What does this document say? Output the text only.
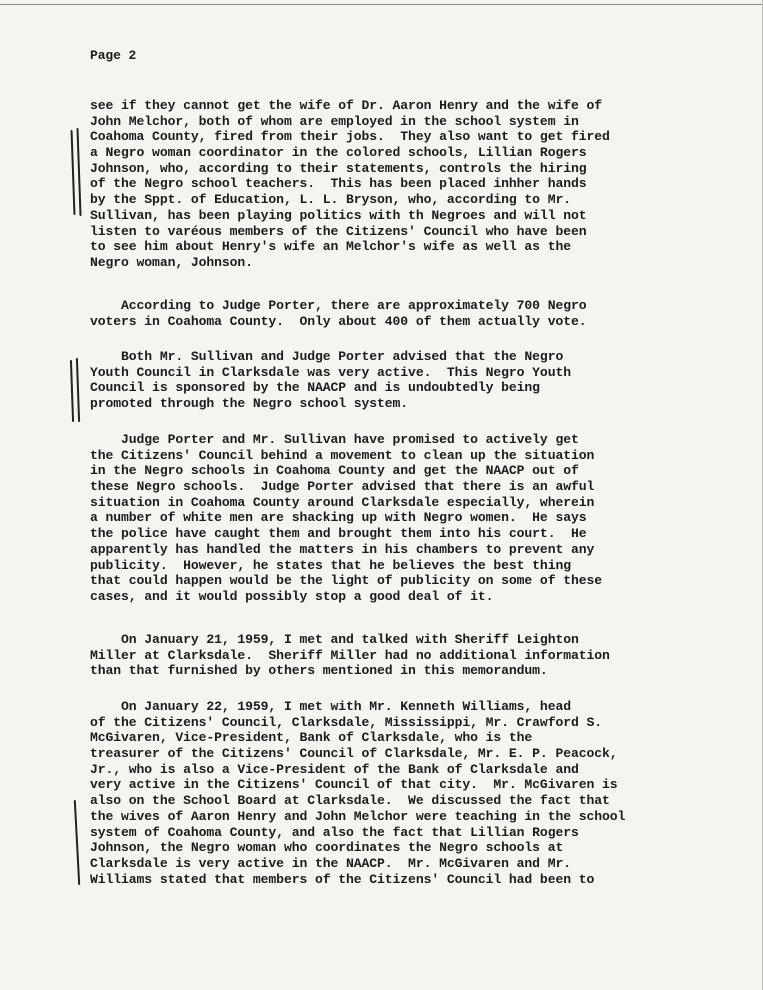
Page 2
see if they cannot get the wife of Dr. Aaron Henry and the wife of
John Melchor, both of whom are employed in the school system in
Coahoma County, fired from their jobs.  They also want to get fired
a Negro woman coordinator in the colored schools, Lillian Rogers
Johnson, who, according to their statements, controls the hiring
of the Negro school teachers.  This has been placed inhher hands
by the Sppt. of Education, L. L. Bryson, who, according to Mr.
Sullivan, has been playing politics with th Negroes and will not
listen to varéous members of the Citizens' Council who have been
to see him about Henry's wife an Melchor's wife as well as the
Negro woman, Johnson.
According to Judge Porter, there are approximately 700 Negro
voters in Coahoma County.  Only about 400 of them actually vote.
Both Mr. Sullivan and Judge Porter advised that the Negro
Youth Council in Clarksdale was very active.  This Negro Youth
Council is sponsored by the NAACP and is undoubtedly being
promoted through the Negro school system.
Judge Porter and Mr. Sullivan have promised to actively get
the Citizens' Council behind a movement to clean up the situation
in the Negro schools in Coahoma County and get the NAACP out of
these Negro schools.  Judge Porter advised that there is an awful
situation in Coahoma County around Clarksdale especially, wherein
a number of white men are shacking up with Negro women.  He says
the police have caught them and brought them into his court.  He
apparently has handled the matters in his chambers to prevent any
publicity.  However, he states that he believes the best thing
that could happen would be the light of publicity on some of these
cases, and it would possibly stop a good deal of it.
On January 21, 1959, I met and talked with Sheriff Leighton
Miller at Clarksdale.  Sheriff Miller had no additional information
than that furnished by others mentioned in this memorandum.
On January 22, 1959, I met with Mr. Kenneth Williams, head
of the Citizens' Council, Clarksdale, Mississippi, Mr. Crawford S.
McGivaren, Vice-President, Bank of Clarksdale, who is the
treasurer of the Citizens' Council of Clarksdale, Mr. E. P. Peacock,
Jr., who is also a Vice-President of the Bank of Clarksdale and
very active in the Citizens' Council of that city.  Mr. McGivaren is
also on the School Board at Clarksdale.  We discussed the fact that
the wives of Aaron Henry and John Melchor were teaching in the school
system of Coahoma County, and also the fact that Lillian Rogers
Johnson, the Negro woman who coordinates the Negro schools at
Clarksdale is very active in the NAACP.  Mr. McGivaren and Mr.
Williams stated that members of the Citizens' Council had been to
